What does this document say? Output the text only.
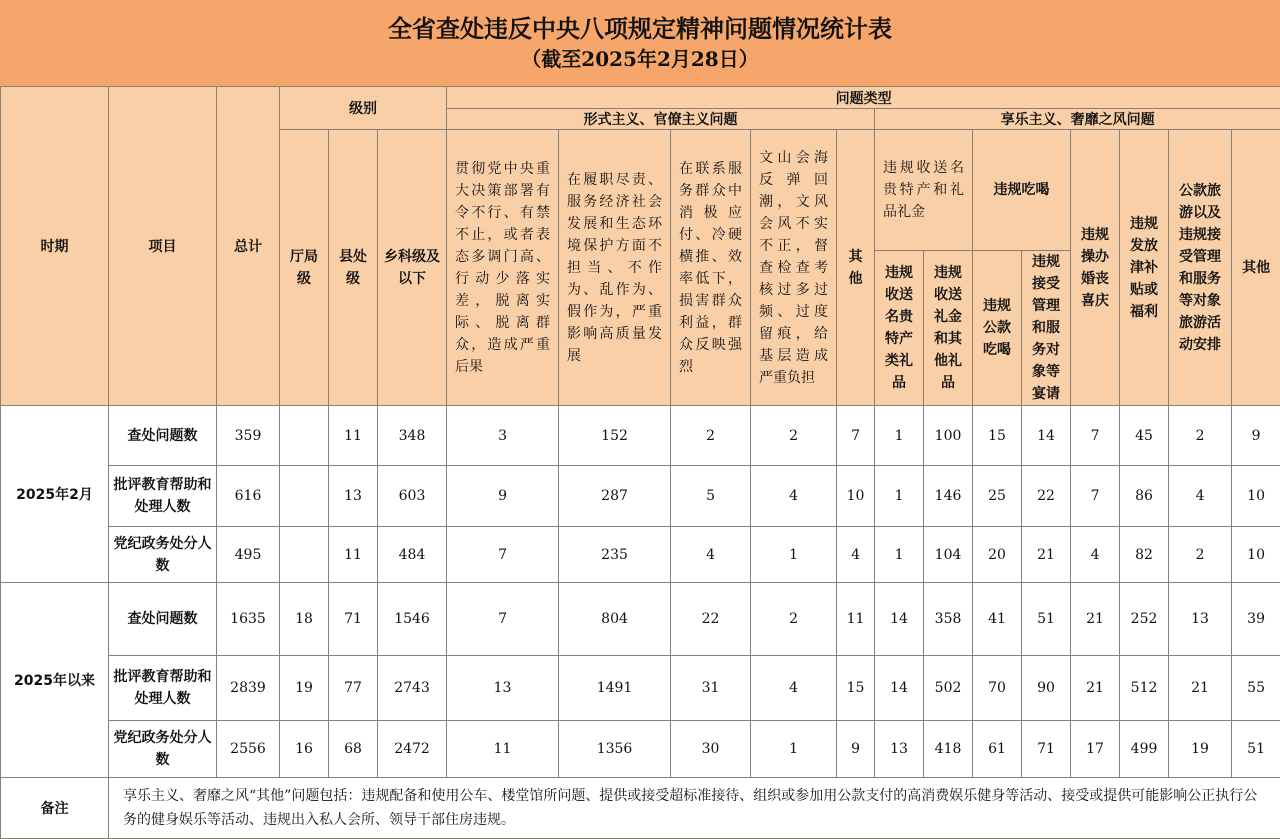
全省查处违反中央八项规定精神问题情况统计表
（截至2025年2月28日）
时期	项目	总计	级别			问题类型												
						形式主义、官僚主义问题					享乐主义、奢靡之风问题							
			厅局级	县处级	乡科级及以下	贯彻党中央重大决策部署有令不行、有禁不止，或者表态多调门高、行动少落实差，脱离实际、脱离群众，造成严重后果	在履职尽责、服务经济社会发展和生态环境保护方面不担当、不作为、乱作为、假作为，严重影响高质量发展	在联系服务群众中消极应付、冷硬横推、效率低下，损害群众利益，群众反映强烈	文山会海反弹回潮，文风会风不实不正，督查检查考核过多过频、过度留痕，给基层造成严重负担	其他	违规收送名贵特产和礼品礼金		违规吃喝		违规操办婚丧喜庆	违规发放津补贴或福利	公款旅游以及违规接受管理和服务等对象旅游活动安排	其他
													违规公款吃喝	违规接受管理和服务对象等宴请				
											违规收送名贵特产类礼品	违规收送礼金和其他礼品						
2025年2月	查处问题数	359		11	348	3	152	2	2	7	1	100	15	14	7	45	2	9
	批评教育帮助和处理人数	616		13	603	9	287	5	4	10	1	146	25	22	7	86	4	10
	党纪政务处分人数	495		11	484	7	235	4	1	4	1	104	20	21	4	82	2	10
2025年以来	查处问题数	1635	18	71	1546	7	804	22	2	11	14	358	41	51	21	252	13	39
	批评教育帮助和处理人数	2839	19	77	2743	13	1491	31	4	15	14	502	70	90	21	512	21	55
	党纪政务处分人数	2556	16	68	2472	11	1356	30	1	9	13	418	61	71	17	499	19	51
备注	享乐主义、奢靡之风“其他”问题包括：违规配备和使用公车、楼堂馆所问题、提供或接受超标准接待、组织或参加用公款支付的高消费娱乐健身等活动、接受或提供可能影响公正执行公务的健身娱乐等活动、违规出入私人会所、领导干部住房违规。																	
